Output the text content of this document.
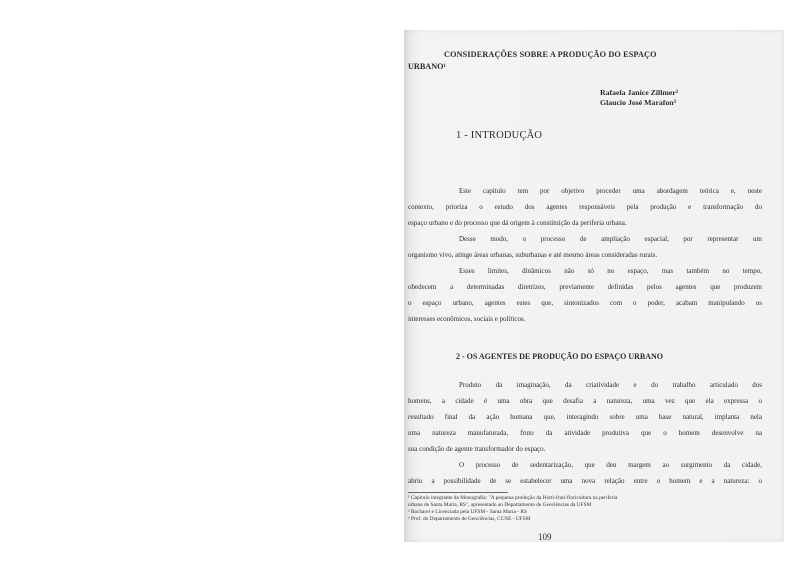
CONSIDERAÇÕES SOBRE A PRODUÇÃO DO ESPAÇO
URBANO¹
Rafaela Janice Zillmer²
Glaucio José Marafon³
1 - INTRODUÇÃO
Este capítulo tem por objetivo proceder uma abordagem teórica e, neste
contexto, prioriza o estudo dos agentes responsáveis pela produção e transformação do
espaço urbano e do processo que dá origem à constituição da periferia urbana.
Desse modo, o processo de ampliação espacial, por representar um
organismo vivo, atinge áreas urbanas, suburbanas e até mesmo áreas consideradas rurais.
Esses limites, dinâmicos não só no espaço, mas também no tempo,
obedecem a determinadas diretrizes, previamente definidas pelos agentes que produzem
o espaço urbano, agentes estes que, sintonizados com o poder, acabam manipulando os
interesses econômicos, sociais e políticos.
2 - OS AGENTES DE PRODUÇÃO DO ESPAÇO URBANO
Produto da imaginação, da criatividade e do trabalho articulado dos
homens, a cidade é uma obra que desafia a natureza, uma vez que ela expressa o
resultado final da ação humana que, interagindo sobre uma base natural, implanta nela
uma natureza manufaturada, fruto da atividade produtiva que o homem desenvolve na
sua condição de agente transformador do espaço.
O processo de sedentarização, que deu margem ao surgimento da cidade,
abriu a possibilidade de se estabelecer uma nova relação entre o homem e a natureza: o
¹ Capítulo integrante da Monografia: "A pequena produção da Horti-fruti-floricultura na periferia
urbana de Santa Maria, RS", apresentado ao Departamento de Geociências da UFSM
² Bacharel e Licenciada pela UFSM - Santa Maria - RS
³ Prof. do Departamento de Geociências, CCNE - UFSM
109
